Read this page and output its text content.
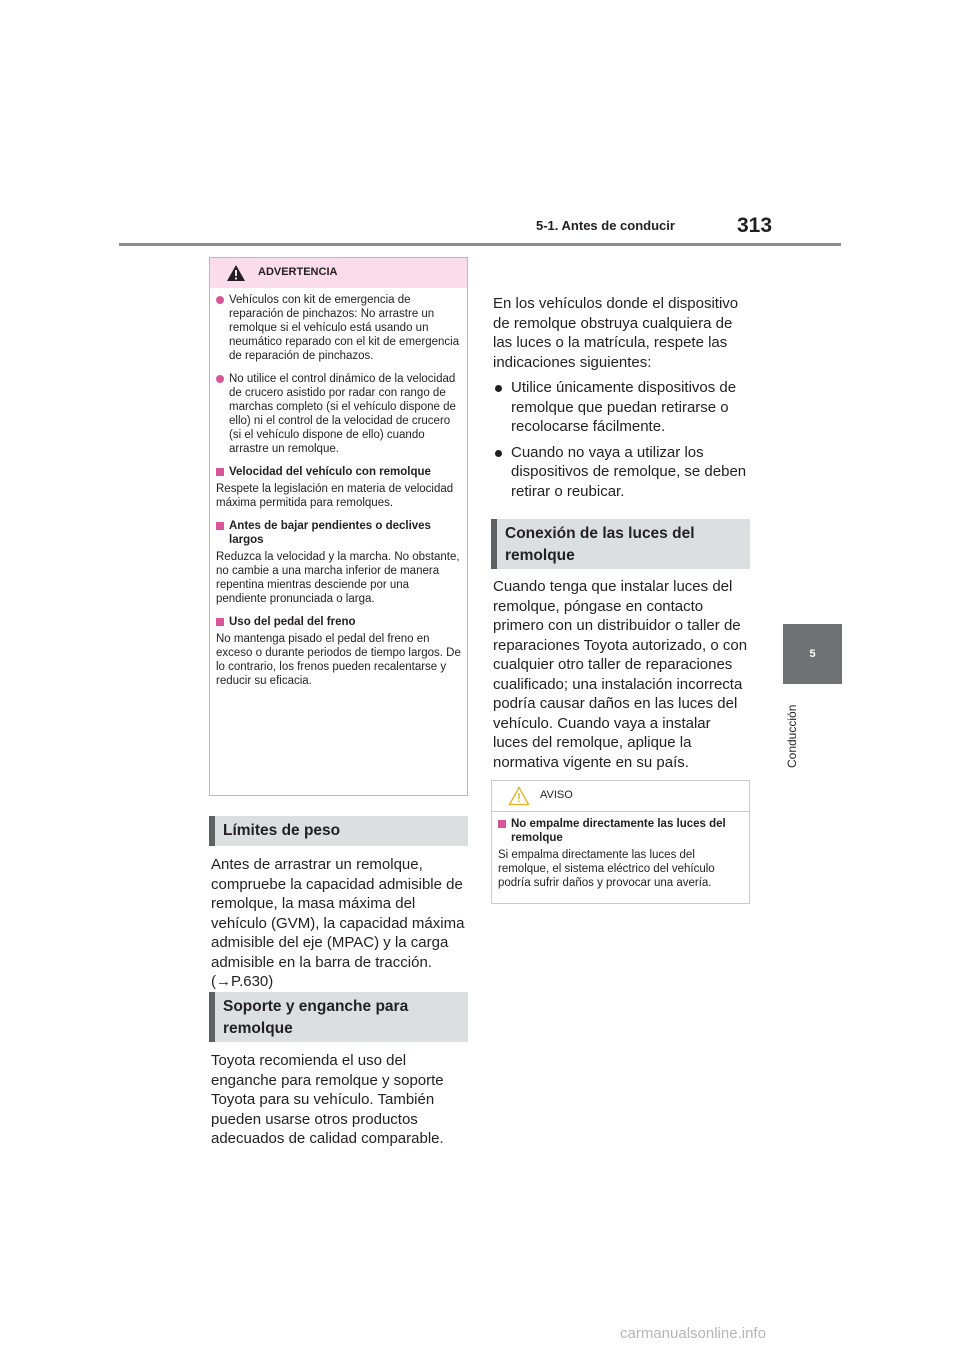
5-1. Antes de conducir	313
5
Conducción
ADVERTENCIA
Vehículos con kit de emergencia de reparación de pinchazos: No arrastre un remolque si el vehículo está usando un neumático reparado con el kit de emergencia de reparación de pinchazos.
No utilice el control dinámico de la velocidad de crucero asistido por radar con rango de marchas completo (si el vehículo dispone de ello) ni el control de la velocidad de crucero (si el vehículo dispone de ello) cuando arrastre un remolque.
Velocidad del vehículo con remolque
Respete la legislación en materia de velocidad máxima permitida para remolques.
Antes de bajar pendientes o declives largos
Reduzca la velocidad y la marcha. No obstante, no cambie a una marcha inferior de manera repentina mientras desciende por una pendiente pronunciada o larga.
Uso del pedal del freno
No mantenga pisado el pedal del freno en exceso o durante periodos de tiempo largos. De lo contrario, los frenos pueden recalentarse y reducir su eficacia.
Límites de peso
Antes de arrastrar un remolque, compruebe la capacidad admisible de remolque, la masa máxima del vehículo (GVM), la capacidad máxima admisible del eje (MPAC) y la carga admisible en la barra de tracción. (→P.630)
Soporte y enganche para remolque
Toyota recomienda el uso del enganche para remolque y soporte Toyota para su vehículo. También pueden usarse otros productos adecuados de calidad comparable.
En los vehículos donde el dispositivo de remolque obstruya cualquiera de las luces o la matrícula, respete las indicaciones siguientes:
Utilice únicamente dispositivos de remolque que puedan retirarse o recolocarse fácilmente.
Cuando no vaya a utilizar los dispositivos de remolque, se deben retirar o reubicar.
Conexión de las luces del remolque
Cuando tenga que instalar luces del remolque, póngase en contacto primero con un distribuidor o taller de reparaciones Toyota autorizado, o con cualquier otro taller de reparaciones cualificado; una instalación incorrecta podría causar daños en las luces del vehículo. Cuando vaya a instalar luces del remolque, aplique la normativa vigente en su país.
AVISO
No empalme directamente las luces del remolque
Si empalma directamente las luces del remolque, el sistema eléctrico del vehículo podría sufrir daños y provocar una avería.
carmanualsonline.info
